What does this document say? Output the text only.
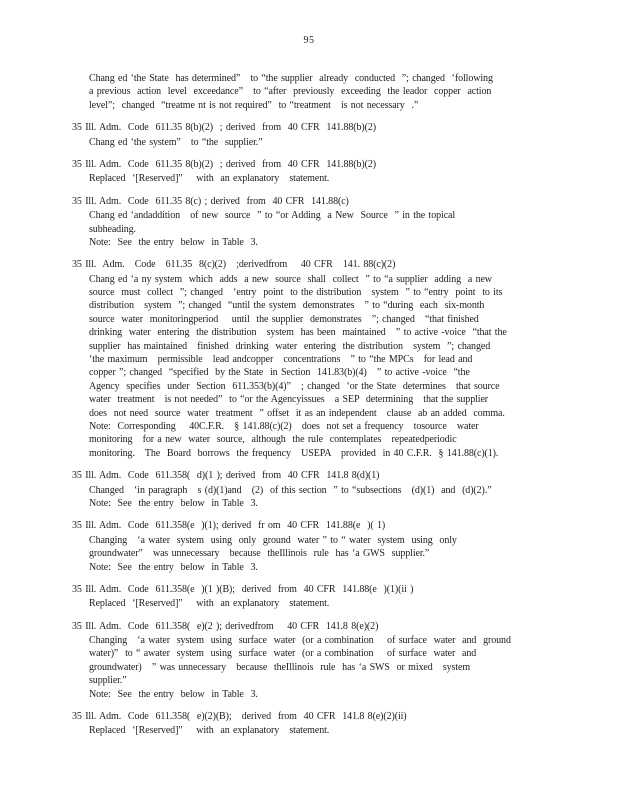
95
Chang ed ‘the State  has determined”   to “the supplier  already  conducted  ”; changed  ‘following
a previous  action  level  exceedance”   to “after  previously  exceeding  the leador  copper  action
level”;  changed  “treatme nt is not required”  to “treatment   is not necessary  .”
35 Ill. Adm.  Code  611.35 8(b)(2)  ; derived  from  40 CFR  141.88(b)(2)
Chang ed ‘the system”   to “the  supplier.”
35 Ill. Adm.  Code  611.35 8(b)(2)  ; derived  from  40 CFR  141.88(b)(2)
Replaced  ‘[Reserved]”    with  an explanatory   statement.
35 Ill. Adm.  Code  611.35 8(c) ; derived  from  40 CFR  141.88(c)
Chang ed ‘andaddition   of new  source  ” to “or Adding  a New  Source  ” in the topical
subheading.
Note:  See  the entry  below  in Table  3.
35 Ill.  Adm.   Code   611.35  8(c)(2)   ;derivedfrom    40 CFR   141. 88(c)(2)
Chang ed ‘a ny system  which  adds  a new  source  shall  collect  ” to “a supplier  adding  a new
source  must  collect  ”; changed   ‘entry  point  to the distribution   system  ” to “entry  point  to its
distribution   system  ”; changed  “until the system  demonstrates   ” to “during  each  six-month
source  water  monitoringperiod    until  the supplier  demonstrates   ”; changed   “that finished
drinking  water  entering  the distribution   system  has been  maintained   ” to active -voice  “that the
supplier  has maintained   finished  drinking  water  entering  the distribution   system  ”; changed
‘the maximum   permissible   lead andcopper   concentrations   ” to “the MPCs   for lead and
copper ”; changed  “specified  by the State  in Section  141.83(b)(4)   ” to active -voice  “the
Agency  specifies  under  Section  611.353(b)(4)”   ; changed  ‘or the State  determines   that source
water  treatment   is not needed”  to “or the Agencyissues   a SEP  determining   that the supplier
does  not need  source  water  treatment  ” offset  it as an independent   clause  ab an added  comma.
Note:  Corresponding    40C.F.R.   § 141.88(c)(2)   does  not set a frequency   tosource   water
monitoring   for a new  water  source,  although  the rule  contemplates   repeatedperiodic
monitoring.   The  Board  borrows  the frequency   USEPA   provided  in 40 C.F.R.  § 141.88(c)(1).
35 Ill. Adm.  Code  611.358(  d)(1 ); derived  from  40 CFR  141.8 8(d)(1)
Changed   ‘in paragraph   s (d)(1)and   (2)  of this section  ” to “subsections   (d)(1)  and  (d)(2).”
Note:  See  the entry  below  in Table  3.
35 Ill. Adm.  Code  611.358(e  )(1); derived  fr om  40 CFR  141.88(e  )( 1)
Changing   ‘a water  system  using  only  ground  water ” to “ water  system  using  only
groundwater”   was unnecessary   because  theIllinois  rule  has ‘a GWS  supplier.”
Note:  See  the entry  below  in Table  3.
35 Ill. Adm.  Code  611.358(e  )(1 )(B);  derived  from  40 CFR  141.88(e  )(1)(ii )
Replaced  ‘[Reserved]”    with  an explanatory   statement.
35 Ill. Adm.  Code  611.358(  e)(2 ); derivedfrom    40 CFR  141.8 8(e)(2)
Changing   ‘a water  system  using  surface  water  (or a combination    of surface  water  and  ground
water)”  to “ awater  system  using  surface  water  (or a combination    of surface  water  and
groundwater)   ” was unnecessary   because  theIllinois  rule  has ‘a SWS  or mixed   system
supplier.”
Note:  See  the entry  below  in Table  3.
35 Ill. Adm.  Code  611.358(  e)(2)(B);   derived  from  40 CFR  141.8 8(e)(2)(ii)
Replaced  ‘[Reserved]”    with  an explanatory   statement.
